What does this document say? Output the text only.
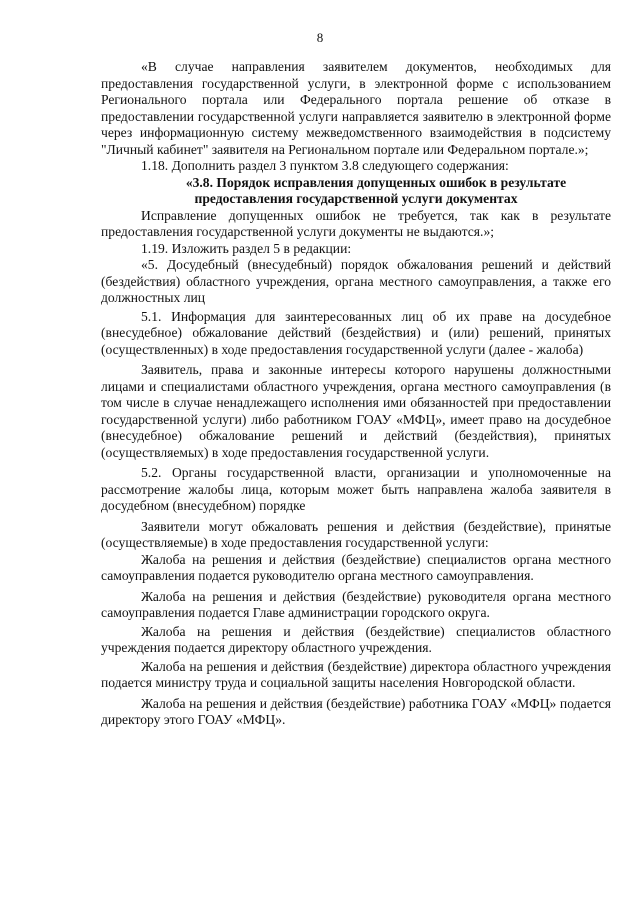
8

«В случае направления заявителем документов, необходимых для предоставления государственной услуги, в электронной форме с использованием Регионального портала или Федерального портала решение об отказе в предоставлении государственной услуги направляется заявителю в электронной форме через информационную систему межведомственного взаимодействия в подсистему "Личный кабинет" заявителя на Региональном портале или Федеральном портале.»;

1.18. Дополнить раздел 3 пунктом 3.8 следующего содержания:

«3.8. Порядок исправления допущенных ошибок в результате предоставления государственной услуги документах

Исправление допущенных ошибок не требуется, так как в результате предоставления государственной услуги документы не выдаются.»;

1.19. Изложить раздел 5 в редакции:

«5. Досудебный (внесудебный) порядок обжалования решений и действий (бездействия) областного учреждения, органа местного самоуправления, а также его должностных лиц

5.1. Информация для заинтересованных лиц об их праве на досудебное (внесудебное) обжалование действий (бездействия) и (или) решений, принятых (осуществленных) в ходе предоставления государственной услуги (далее - жалоба)

Заявитель, права и законные интересы которого нарушены должностными лицами и специалистами областного учреждения, органа местного самоуправления (в том числе в случае ненадлежащего исполнения ими обязанностей при предоставлении государственной услуги) либо работником ГОАУ «МФЦ», имеет право на досудебное (внесудебное) обжалование решений и действий (бездействия), принятых (осуществляемых) в ходе предоставления государственной услуги.

5.2. Органы государственной власти, организации и уполномоченные на рассмотрение жалобы лица, которым может быть направлена жалоба заявителя в досудебном (внесудебном) порядке

Заявители могут обжаловать решения и действия (бездействие), принятые (осуществляемые) в ходе предоставления государственной услуги:

Жалоба на решения и действия (бездействие) специалистов органа местного самоуправления подается руководителю органа местного самоуправления.

Жалоба на решения и действия (бездействие) руководителя органа местного самоуправления подается Главе администрации городского округа.

Жалоба на решения и действия (бездействие) специалистов областного учреждения подается директору областного учреждения.

Жалоба на решения и действия (бездействие) директора областного учреждения подается министру труда и социальной защиты населения Новгородской области.

Жалоба на решения и действия (бездействие) работника ГОАУ «МФЦ» подается директору этого ГОАУ «МФЦ».
